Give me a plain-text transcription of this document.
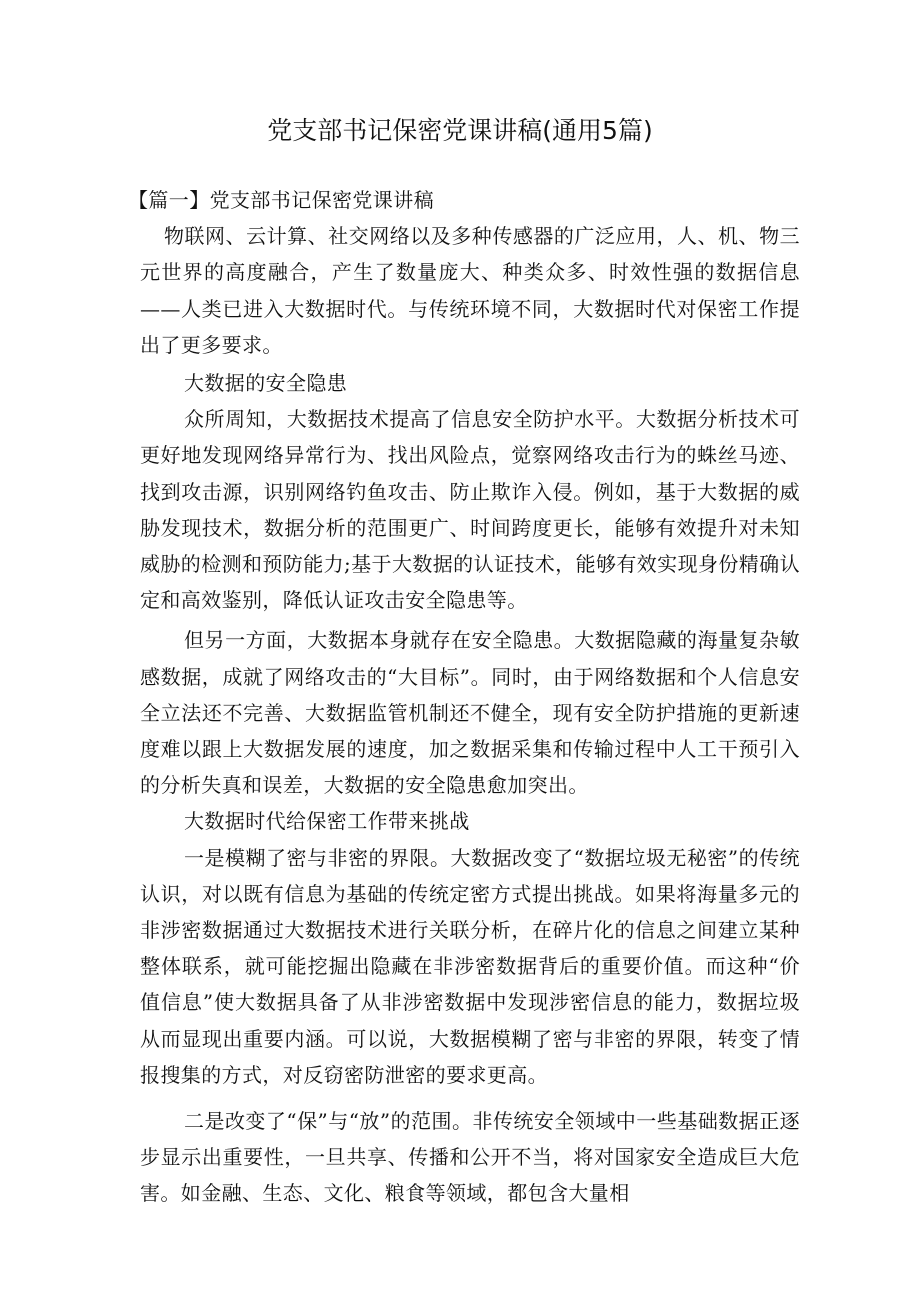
党支部书记保密党课讲稿(通用5篇)

【篇一】党支部书记保密党课讲稿

物联网、云计算、社交网络以及多种传感器的广泛应用，人、机、物三元世界的高度融合，产生了数量庞大、种类众多、时效性强的数据信息——人类已进入大数据时代。与传统环境不同，大数据时代对保密工作提出了更多要求。

大数据的安全隐患

众所周知，大数据技术提高了信息安全防护水平。大数据分析技术可更好地发现网络异常行为、找出风险点，觉察网络攻击行为的蛛丝马迹、找到攻击源，识别网络钓鱼攻击、防止欺诈入侵。例如，基于大数据的威胁发现技术，数据分析的范围更广、时间跨度更长，能够有效提升对未知威胁的检测和预防能力;基于大数据的认证技术，能够有效实现身份精确认定和高效鉴别，降低认证攻击安全隐患等。

但另一方面，大数据本身就存在安全隐患。大数据隐藏的海量复杂敏感数据，成就了网络攻击的“大目标”。同时，由于网络数据和个人信息安全立法还不完善、大数据监管机制还不健全，现有安全防护措施的更新速度难以跟上大数据发展的速度，加之数据采集和传输过程中人工干预引入的分析失真和误差，大数据的安全隐患愈加突出。

大数据时代给保密工作带来挑战

一是模糊了密与非密的界限。大数据改变了“数据垃圾无秘密”的传统认识，对以既有信息为基础的传统定密方式提出挑战。如果将海量多元的非涉密数据通过大数据技术进行关联分析，在碎片化的信息之间建立某种整体联系，就可能挖掘出隐藏在非涉密数据背后的重要价值。而这种“价值信息”使大数据具备了从非涉密数据中发现涉密信息的能力，数据垃圾从而显现出重要内涵。可以说，大数据模糊了密与非密的界限，转变了情报搜集的方式，对反窃密防泄密的要求更高。

二是改变了“保”与“放”的范围。非传统安全领域中一些基础数据正逐步显示出重要性，一旦共享、传播和公开不当，将对国家安全造成巨大危害。如金融、生态、文化、粮食等领域，都包含大量相
